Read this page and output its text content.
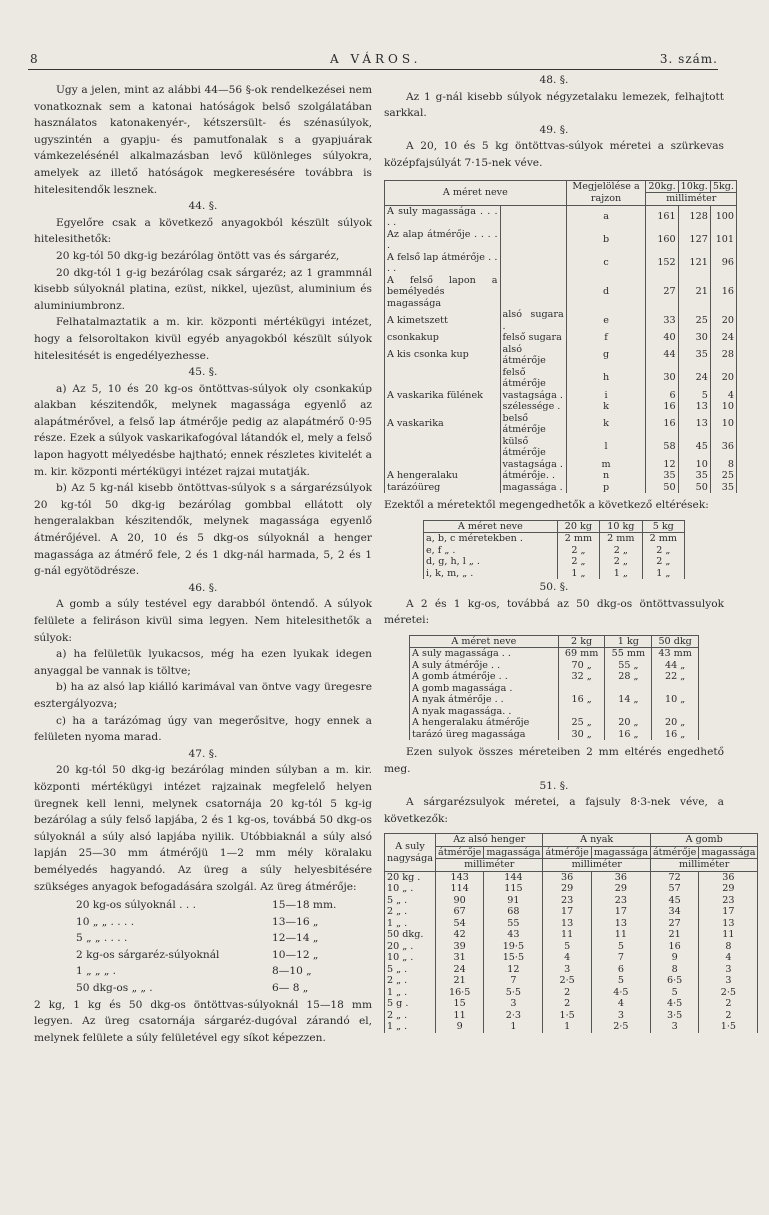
8	A VÁROS.	3. szám.

Ugy a jelen, mint az alábbi 44—56 §-ok rendelkezései nem vonatkoznak sem a katonai hatóságok belső szolgálatában használatos katonakenyér-, kétszersült- és szénasúlyok, ugyszintén a gyapju- és pamutfonalak s a gyapjuárak vámkezelésénél alkalmazásban levő különleges súlyokra, amelyek az illető hatóságok megkeresésére továbbra is hitelesitendők lesznek.

44. §.

Egyelőre csak a következő anyagokból készült súlyok hitelesithetők:

20 kg-tól 50 dkg-ig bezárólag öntött vas és sárgaréz,

20 dkg-tól 1 g-ig bezárólag csak sárgaréz; az 1 grammnál kisebb súlyoknál platina, ezüst, nikkel, ujezüst, aluminium és aluminiumbronz.

Felhatalmaztatik a m. kir. központi mértékügyi intézet, hogy a felsoroltakon kivül egyéb anyagokból készült súlyok hitelesitését is engedélyezhesse.

45. §.

a) Az 5, 10 és 20 kg-os öntöttvas-súlyok oly csonkakúp alakban készitendők, melynek magassága egyenlő az alapátmérővel, a felső lap átmérője pedig az alapátmérő 0·95 része. Ezek a súlyok vaskarikafogóval látandók el, mely a felső lapon hagyott mélyedésbe hajtható; ennek részletes kivitelét a m. kir. központi mértékügyi intézet rajzai mutatják.

b) Az 5 kg-nál kisebb öntöttvas-súlyok s a sárgarézsúlyok 20 kg-tól 50 dkg-ig bezárólag gombbal ellátott oly hengeralakban készitendők, melynek magassága egyenlő átmérőjével. A 20, 10 és 5 dkg-os súlyoknál a henger magassága az átmérő fele, 2 és 1 dkg-nál harmada, 5, 2 és 1 g-nál egyötödrésze.

46. §.

A gomb a súly testével egy darabból öntendő. A súlyok felülete a feliráson kivül sima legyen. Nem hitelesithetők a súlyok:

a) ha felületük lyukacsos, még ha ezen lyukak idegen anyaggal be vannak is töltve;

b) ha az alsó lap kiálló karimával van öntve vagy üregesre esztergályozva;

c) ha a tarázómag úgy van megerősitve, hogy ennek a felületen nyoma marad.

47. §.

20 kg-tól 50 dkg-ig bezárólag minden súlyban a m. kir. központi mértékügyi intézet rajzainak megfelelő helyen üregnek kell lenni, melynek csatornája 20 kg-tól 5 kg-ig bezárólag a súly felső lapjába, 2 és 1 kg-os, továbbá 50 dkg-os súlyoknál a súly alsó lapjába nyilik. Utóbbiaknál a súly alsó lapján 25—30 mm átmérőjü 1—2 mm mély köralaku bemélyedés hagyandó. Az üreg a súly helyesbitésére szükséges anyagok befogadására szolgál. Az üreg átmérője:

20 kg-os súlyoknál . . .	15—18 mm.
10 „ „ . . . .	13—16 „
5 „ „ . . . .	12—14 „
2 kg-os sárgaréz-súlyoknál	10—12 „
1 „ „ „ .	8—10 „
50 dkg-os „ „ .	6— 8 „

2 kg, 1 kg és 50 dkg-os öntöttvas-súlyoknál 15—18 mm legyen. Az üreg csatornája sárgaréz-dugóval zárandó el, melynek felülete a súly felületével egy síkot képezzen.

48. §.

Az 1 g-nál kisebb súlyok négyzetalaku lemezek, felhajtott sarkkal.

49. §.

A 20, 10 és 5 kg öntöttvas-súlyok méretei a szürkevas középfajsúlyát 7·15-nek véve.

A méret neve		Megjelölése a rajzon	20kg.	10kg.	5kg.
			milliméter		
A suly magassága . . . . .		a	161	128	100
Az alap átmérője . . . . .		b	160	127	101
A felső lap átmérője . . . .		c	152	121	96
A felső lapon a bemélyedés magassága		d	27	21	16
A kimetszett	alsó sugara .	e	33	25	20
csonkakup	felső sugara	f	40	30	24
A kis csonka kup	alsó átmérője	g	44	35	28
	felső átmérője	h	30	24	20
A vaskarika fülének	vastagsága .	i	6	5	4
	szélessége .	k	16	13	10
A vaskarika	belső átmérője	k	16	13	10
	külső átmérője	l	58	45	36
	vastagsága .	m	12	10	8
A hengeralaku	átmérője. .	n	35	35	25
tarázóüreg	magassága .	p	50	50	35

Ezektől a méretektől megengedhetők a következő eltérések:

A méret neve	20 kg	10 kg	5 kg
a, b, c méretekben .	2 mm	2 mm	2 mm
e, f „ .	2 „	2 „	2 „
d, g, h, l „ .	2 „	2 „	2 „
i, k, m, „ .	1 „	1 „	1 „

50. §.

A 2 és 1 kg-os, továbbá az 50 dkg-os öntöttvassulyok méretei:

A méret neve	2 kg	1 kg	50 dkg
A suly magassága . .	69 mm	55 mm	43 mm
A suly átmérője . .	70 „	55 „	44 „
A gomb átmérője . .	32 „	28 „	22 „
A gomb magassága .			
A nyak átmérője . .	16 „	14 „	10 „
A nyak magassága. .			
A hengeralaku átmérője	25 „	20 „	20 „
tarázó üreg magassága	30 „	16 „	16 „

Ezen sulyok összes méreteiben 2 mm eltérés engedhető meg.

51. §.

A sárgarézsulyok méretei, a fajsuly 8·3-nek véve, a következők:

A suly nagysága	Az alsó henger		A nyak		A gomb	
	átmérője	magassága	átmérője	magassága	átmérője	magassága
	milliméter		milliméter		milliméter	
20 kg .	143	144	36	36	72	36
10 „ .	114	115	29	29	57	29
5 „ .	90	91	23	23	45	23
2 „ .	67	68	17	17	34	17
1 „ .	54	55	13	13	27	13
50 dkg.	42	43	11	11	21	11
20 „ .	39	19·5	5	5	16	8
10 „ .	31	15·5	4	7	9	4
5 „ .	24	12	3	6	8	3
2 „ .	21	7	2·5	5	6·5	3
1 „ .	16·5	5·5	2	4·5	5	2·5
5 g .	15	3	2	4	4·5	2
2 „ .	11	2·3	1·5	3	3·5	2
1 „ .	9	1	1	2·5	3	1·5
